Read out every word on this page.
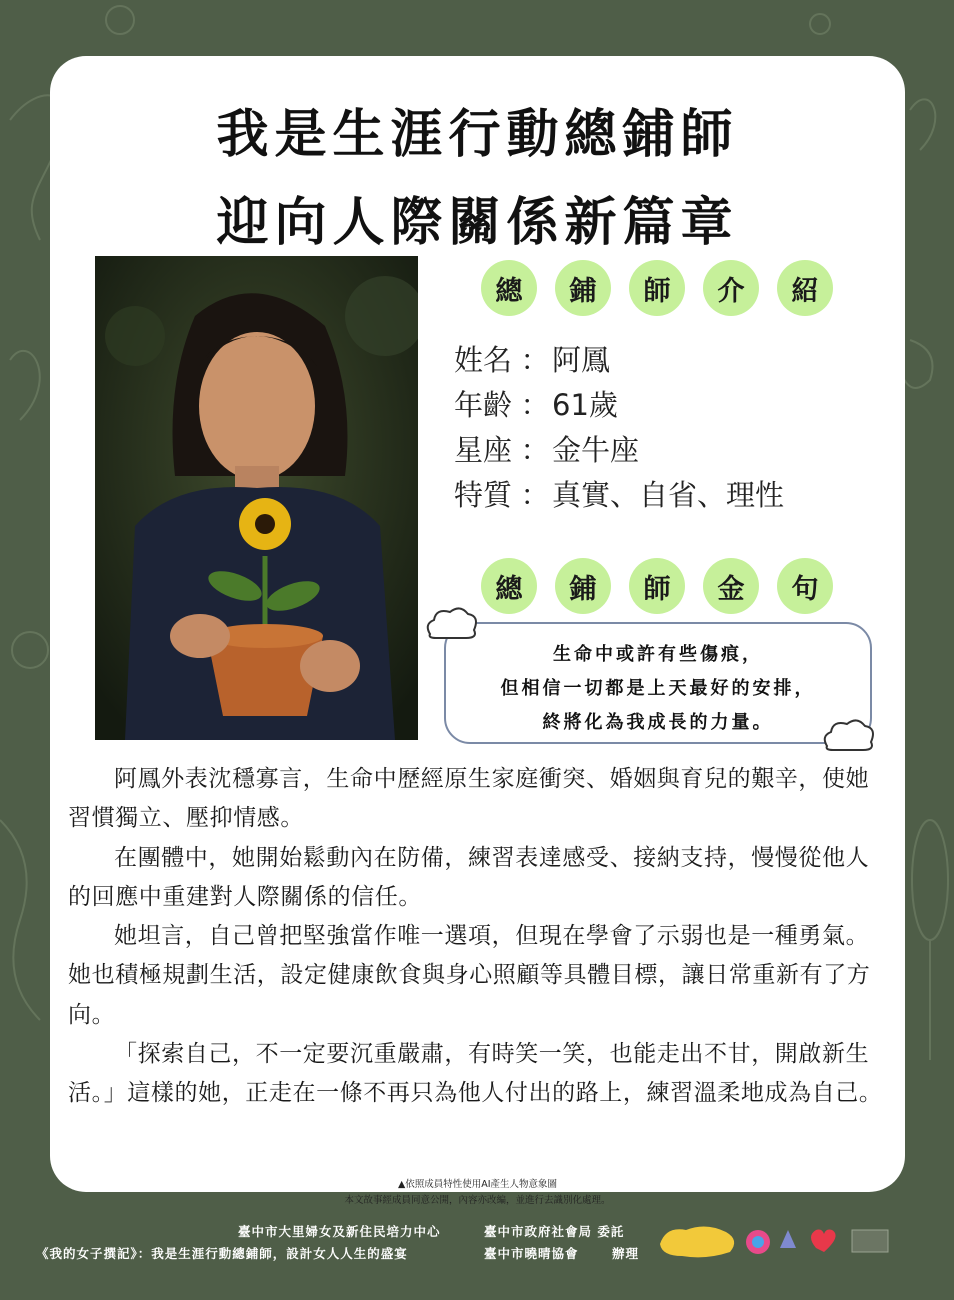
我是生涯行動總鋪師
迎向人際關係新篇章
總	鋪	師	介	紹
姓名 ： 阿鳳
年齡 ： 61歲
星座 ： 金牛座
特質 ： 真實、自省、理性
總	鋪	師	金	句
生命中或許有些傷痕，
但相信一切都是上天最好的安排，
終將化為我成長的力量。

阿鳳外表沈穩寡言，生命中歷經原生家庭衝突、婚姻與育兒的艱辛，使她習慣獨立、壓抑情感。

在團體中，她開始鬆動內在防備，練習表達感受、接納支持，慢慢從他人的回應中重建對人際關係的信任。

她坦言，自己曾把堅強當作唯一選項，但現在學會了示弱也是一種勇氣。她也積極規劃生活，設定健康飲食與身心照顧等具體目標，讓日常重新有了方向。

「探索自己，不一定要沉重嚴肅，有時笑一笑，也能走出不甘，開啟新生活。」這樣的她，正走在一條不再只為他人付出的路上，練習溫柔地成為自己。

▲依照成員特性使用AI產生人物意象圖
本文故事經成員同意公開，內容亦改編，並進行去識別化處理。
臺中市大里婦女及新住民培力中心	臺中市政府社會局 委託
《我的女子撰記》：我是生涯行動總鋪師，設計女人人生的盛宴	臺中市曉晴協會	辦理
